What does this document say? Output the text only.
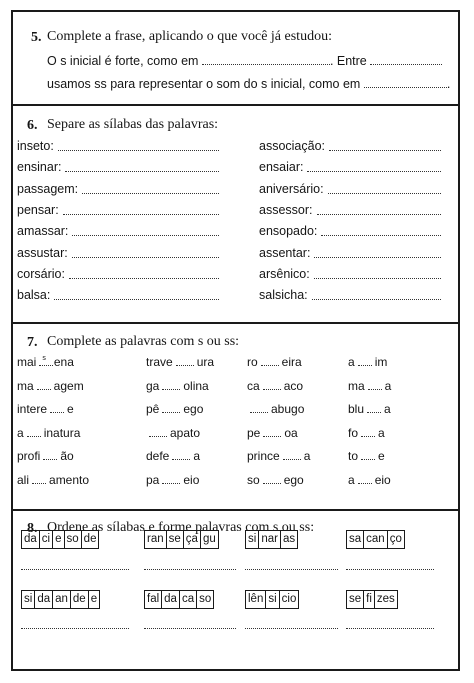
5. Complete a frase, aplicando o que você já estudou:
O s inicial é forte, como em	. Entre
usamos ss para representar o som do s inicial, como em	.
6. Separe as sílabas das palavras:
7. Complete as palavras com s ou ss:
8. Ordene as sílabas e forme palavras com s ou ss:
inseto:
ensinar:
passagem:
pensar:
amassar:
assustar:
corsário:
balsa:
associação:
ensaiar:
aniversário:
assessor:
ensopado:
assentar:
arsênico:
salsicha:
mai $^s$ ena	trave ura	ro eira	a im
ma agem	ga olina	ca aco	ma a
intere e	pê ego	abugo	blu a
a inatura	apato	pe oa	fo a
profi ão	defe a	prince a	to e
ali amento	pa eio	so ego	a eio
da ci e so de	ran se ça gu	si nar as	sa can ço
si da an de e	fal da ca so	lên si cio	se fi zes
